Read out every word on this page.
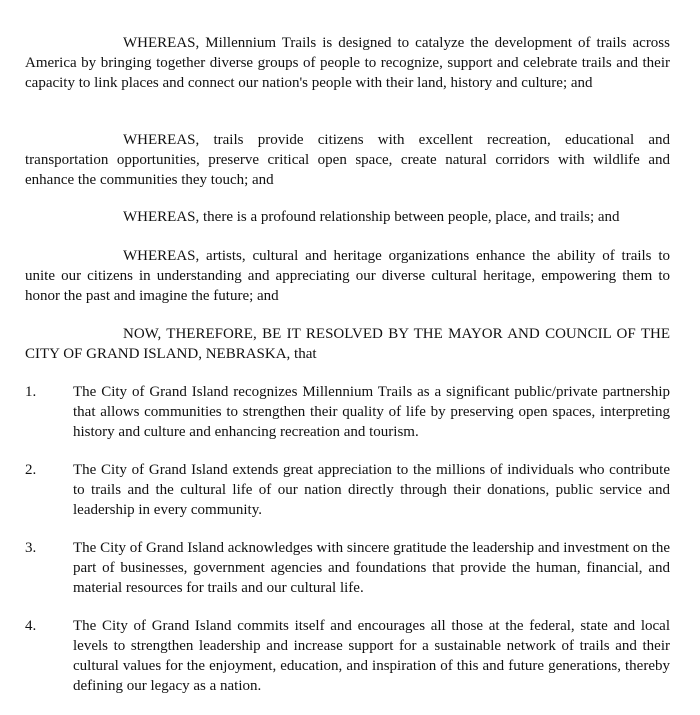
WHEREAS, Millennium Trails is designed to catalyze the development of trails across America by bringing together diverse groups of people to recognize, support and celebrate trails and their capacity to link places and connect our nation's people with their land, history and culture; and

WHEREAS, trails provide citizens with excellent recreation, educational and transportation opportunities, preserve critical open space, create natural corridors with wildlife and enhance the communities they touch; and

WHEREAS, there is a profound relationship between people, place, and trails; and

WHEREAS, artists, cultural and heritage organizations enhance the ability of trails to unite our citizens in understanding and appreciating our diverse cultural heritage, empowering them to honor the past and imagine the future; and

NOW, THEREFORE, BE IT RESOLVED BY THE MAYOR AND COUNCIL OF THE CITY OF GRAND ISLAND, NEBRASKA, that

1.	The City of Grand Island recognizes Millennium Trails as a significant public/private partnership that allows communities to strengthen their quality of life by preserving open spaces, interpreting history and culture and enhancing recreation and tourism.

2.	The City of Grand Island extends great appreciation to the millions of individuals who contribute to trails and the cultural life of our nation directly through their donations, public service and leadership in every community.

3.	The City of Grand Island acknowledges with sincere gratitude the leadership and investment on the part of businesses, government agencies and foundations that provide the human, financial, and material resources for trails and our cultural life.

4.	The City of Grand Island commits itself and encourages all those at the federal, state and local levels to strengthen leadership and increase support for a sustainable network of trails and their cultural values for the enjoyment, education, and inspiration of this and future generations, thereby defining our legacy as a nation.
